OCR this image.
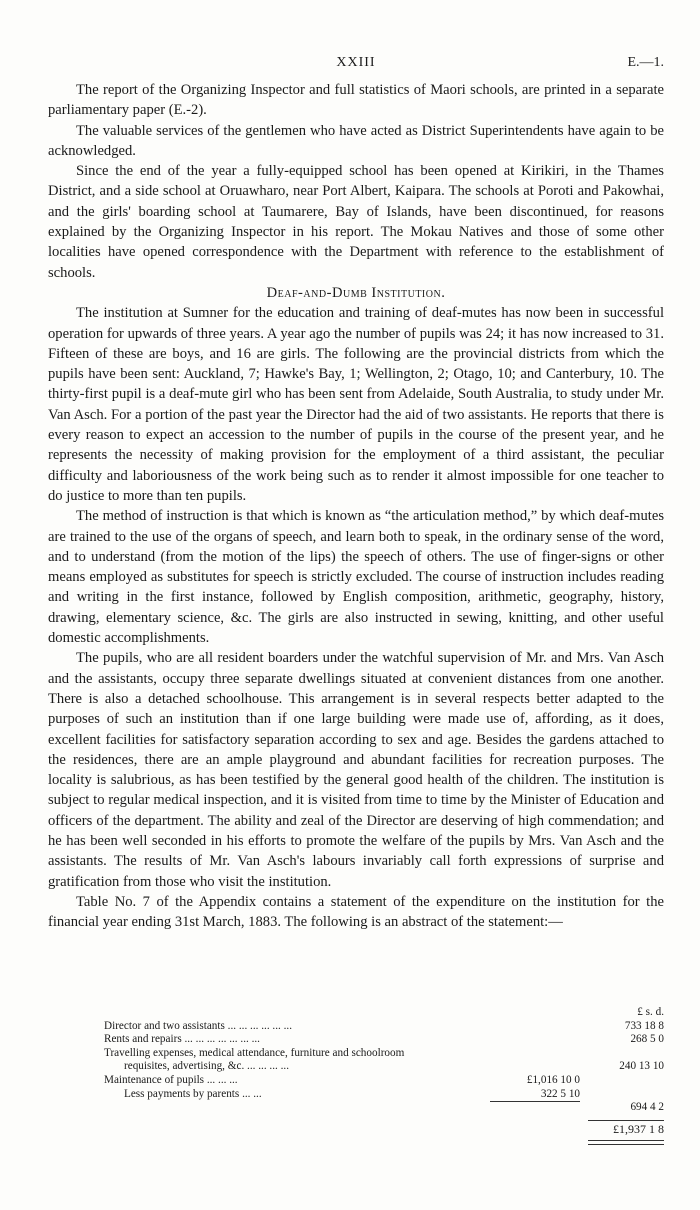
XXIII	E.—1.

The report of the Organizing Inspector and full statistics of Maori schools, are printed in a separate parliamentary paper (E.-2).

The valuable services of the gentlemen who have acted as District Superintendents have again to be acknowledged.

Since the end of the year a fully-equipped school has been opened at Kirikiri, in the Thames District, and a side school at Oruawharo, near Port Albert, Kaipara. The schools at Poroti and Pakowhai, and the girls' boarding school at Taumarere, Bay of Islands, have been discontinued, for reasons explained by the Organizing Inspector in his report. The Mokau Natives and those of some other localities have opened correspondence with the Department with reference to the establishment of schools.

Deaf-and-Dumb Institution.

The institution at Sumner for the education and training of deaf-mutes has now been in successful operation for upwards of three years. A year ago the number of pupils was 24; it has now increased to 31. Fifteen of these are boys, and 16 are girls. The following are the provincial districts from which the pupils have been sent: Auckland, 7; Hawke's Bay, 1; Wellington, 2; Otago, 10; and Canterbury, 10. The thirty-first pupil is a deaf-mute girl who has been sent from Adelaide, South Australia, to study under Mr. Van Asch. For a portion of the past year the Director had the aid of two assistants. He reports that there is every reason to expect an accession to the number of pupils in the course of the present year, and he represents the necessity of making provision for the employment of a third assistant, the peculiar difficulty and laboriousness of the work being such as to render it almost impossible for one teacher to do justice to more than ten pupils.

The method of instruction is that which is known as “the articulation method,” by which deaf-mutes are trained to the use of the organs of speech, and learn both to speak, in the ordinary sense of the word, and to understand (from the motion of the lips) the speech of others. The use of finger-signs or other means employed as substitutes for speech is strictly excluded. The course of instruction includes reading and writing in the first instance, followed by English composition, arithmetic, geography, history, drawing, elementary science, &c. The girls are also instructed in sewing, knitting, and other useful domestic accomplishments.

The pupils, who are all resident boarders under the watchful supervision of Mr. and Mrs. Van Asch and the assistants, occupy three separate dwellings situated at convenient distances from one another. There is also a detached schoolhouse. This arrangement is in several respects better adapted to the purposes of such an institution than if one large building were made use of, affording, as it does, excellent facilities for satisfactory separation according to sex and age. Besides the gardens attached to the residences, there are an ample playground and abundant facilities for recreation purposes. The locality is salubrious, as has been testified by the general good health of the children. The institution is subject to regular medical inspection, and it is visited from time to time by the Minister of Education and officers of the department. The ability and zeal of the Director are deserving of high commendation; and he has been well seconded in his efforts to promote the welfare of the pupils by Mrs. Van Asch and the assistants. The results of Mr. Van Asch's labours invariably call forth expressions of surprise and gratification from those who visit the institution.

Table No. 7 of the Appendix contains a statement of the expenditure on the institution for the financial year ending 31st March, 1883. The following is an abstract of the statement:—

£ s. d.
Director and two assistants ... ... ... ... ... ...	733 18 8
Rents and repairs ... ... ... ... ... ... ...	268 5 0
Travelling expenses, medical attendance, furniture and schoolroom
requisites, advertising, &c. ... ... ... ...	240 13 10
Maintenance of pupils ... ... ...	£1,016 10 0
Less payments by parents ... ...	322 5 10
694 4 2
£1,937 1 8
